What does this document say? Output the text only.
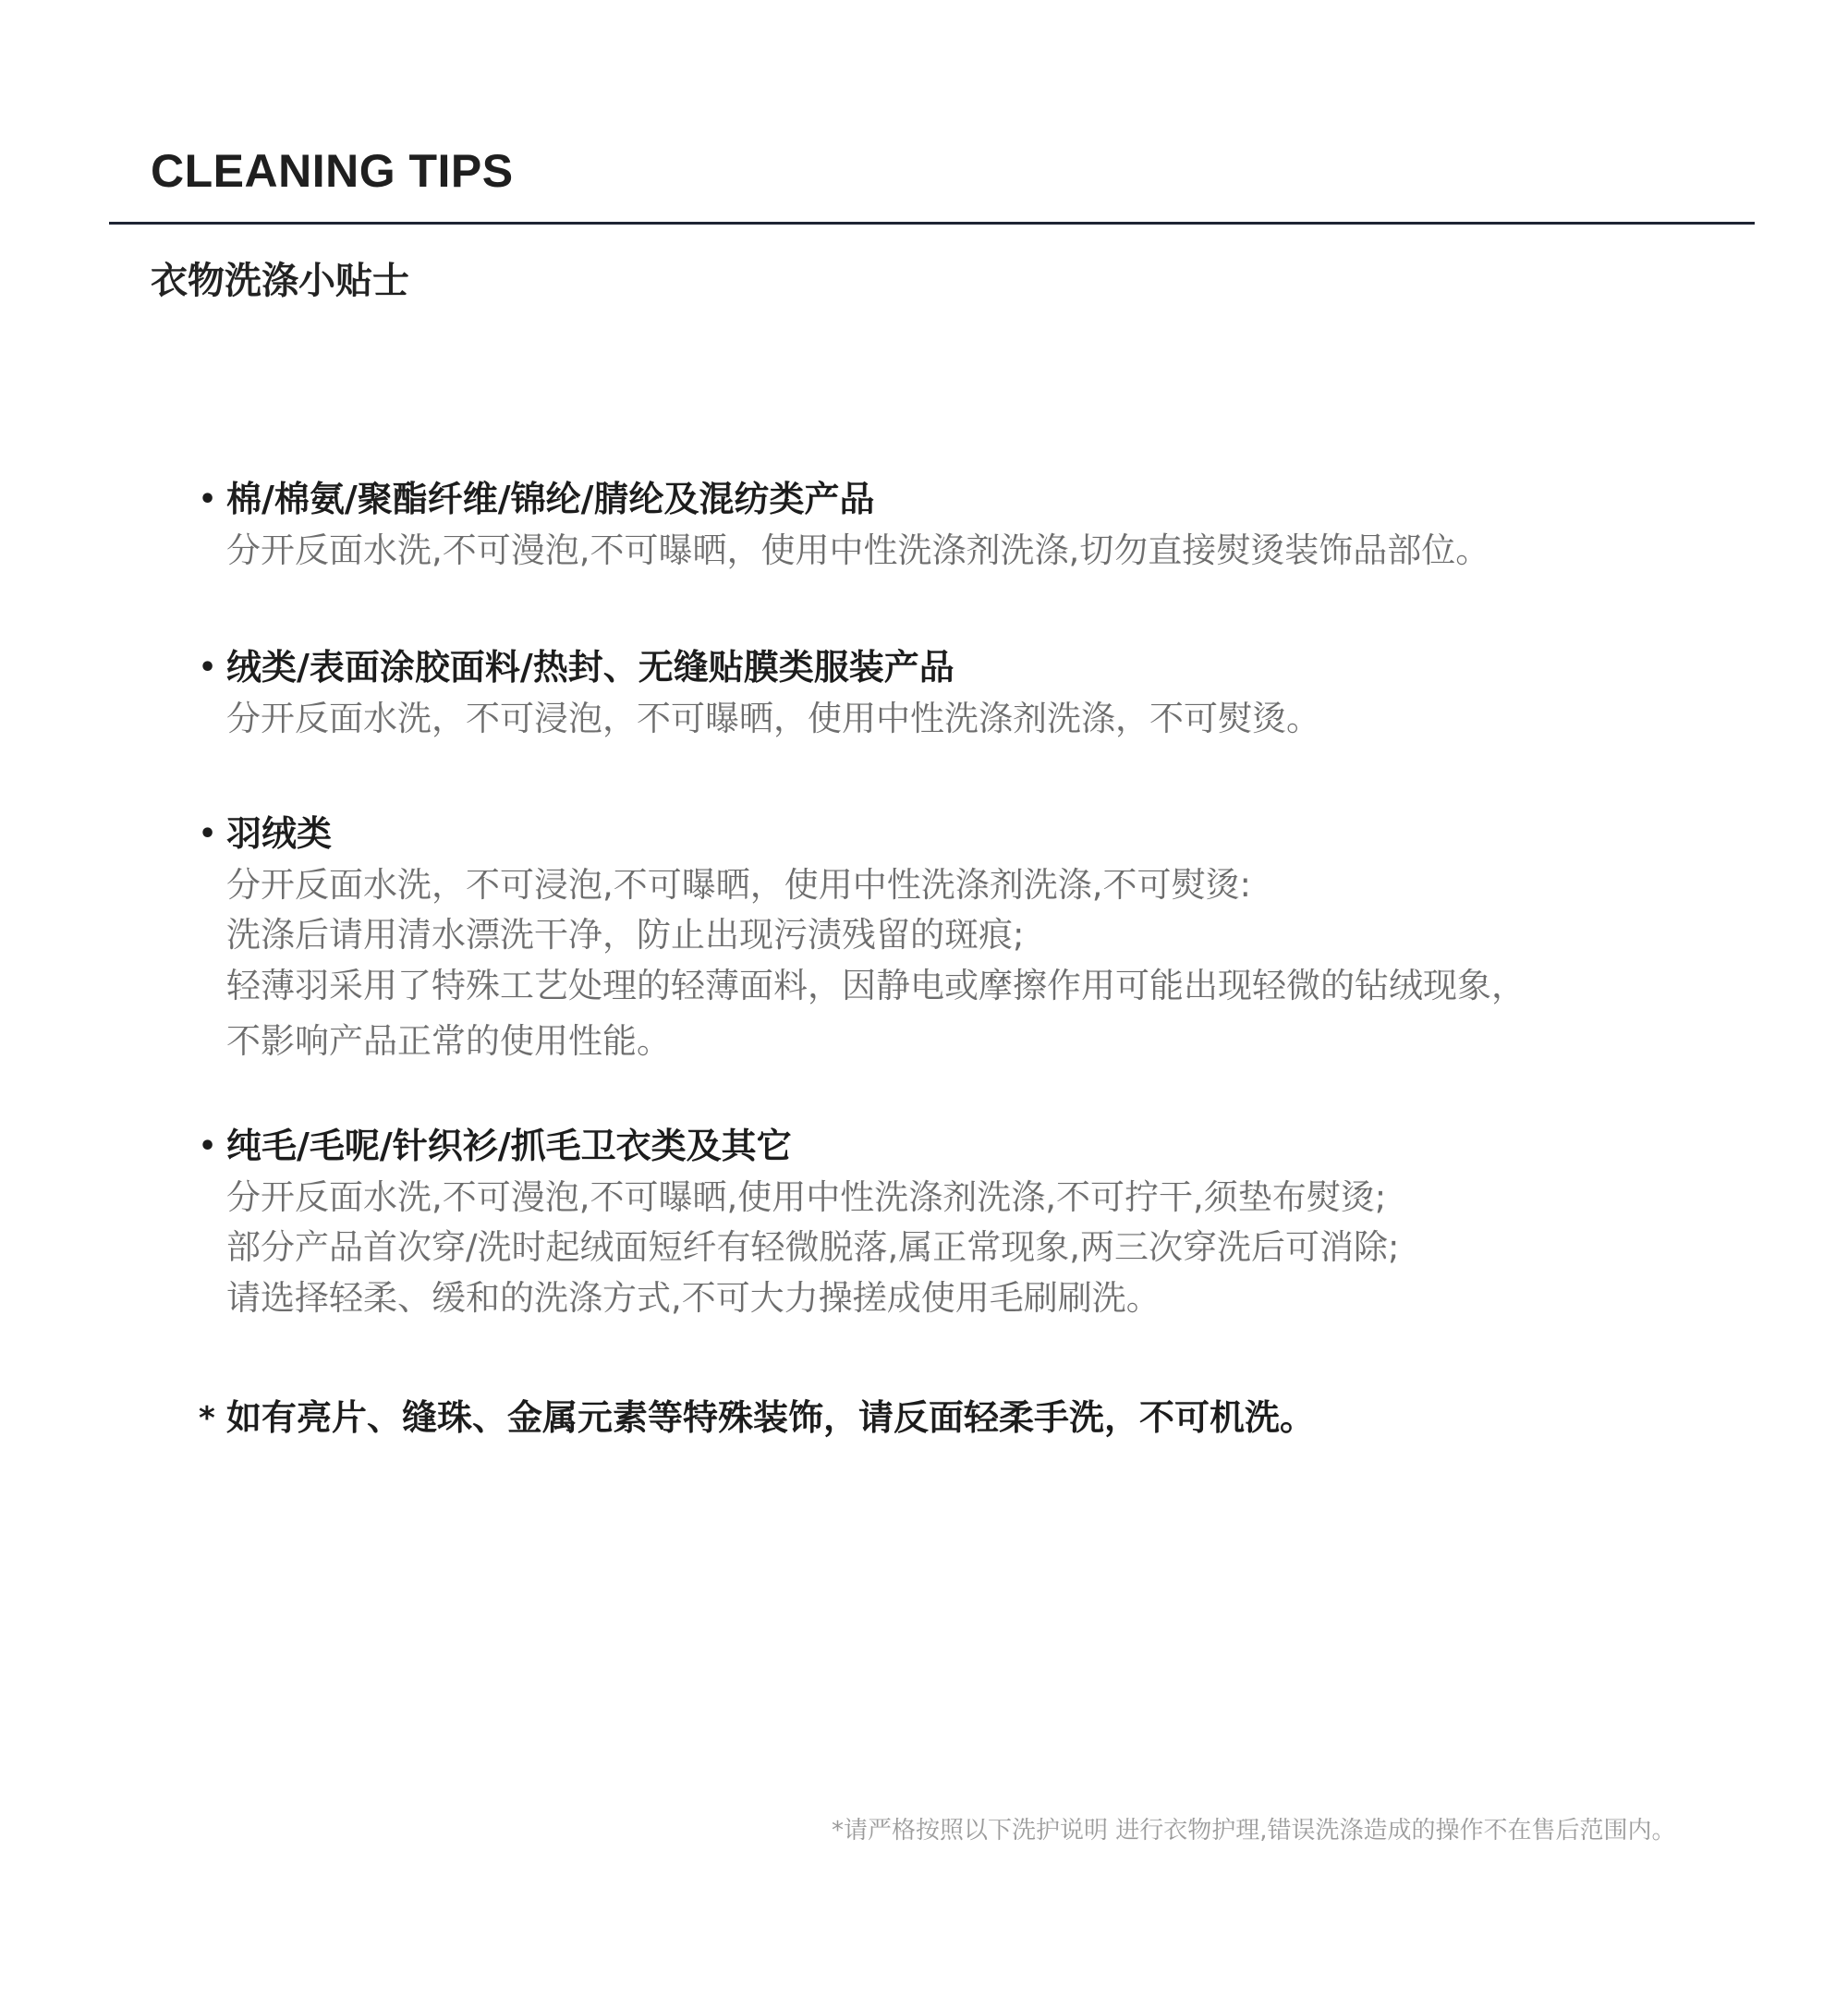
CLEANING TIPS
衣物洗涤小贴士
• 棉/棉氨/聚酯纤维/锦纶/腈纶及混纺类产品
分开反面水洗,不可漫泡,不可曝晒，使用中性洗涤剂洗涤,切勿直接熨烫装饰品部位。
• 绒类/表面涂胶面料/热封、无缝贴膜类服装产品
分开反面水洗，不可浸泡，不可曝晒，使用中性洗涤剂洗涤，不可熨烫。
• 羽绒类
分开反面水洗，不可浸泡,不可曝晒，使用中性洗涤剂洗涤,不可熨烫:
洗涤后请用清水漂洗干净，防止出现污渍残留的斑痕;
轻薄羽采用了特殊工艺处理的轻薄面料，因静电或摩擦作用可能出现轻微的钻绒现象，
不影响产品正常的使用性能。
• 纯毛/毛呢/针织衫/抓毛卫衣类及其它
分开反面水洗,不可漫泡,不可曝晒,使用中性洗涤剂洗涤,不可拧干,须垫布熨烫;
部分产品首次穿/洗时起绒面短纤有轻微脱落,属正常现象,两三次穿洗后可消除;
请选择轻柔、缓和的洗涤方式,不可大力操搓成使用毛刷刷洗。
* 如有亮片、缝珠、金属元素等特殊装饰，请反面轻柔手洗，不可机洗。
*请严格按照以下洗护说明 进行衣物护理,错误洗涤造成的操作不在售后范围内。
